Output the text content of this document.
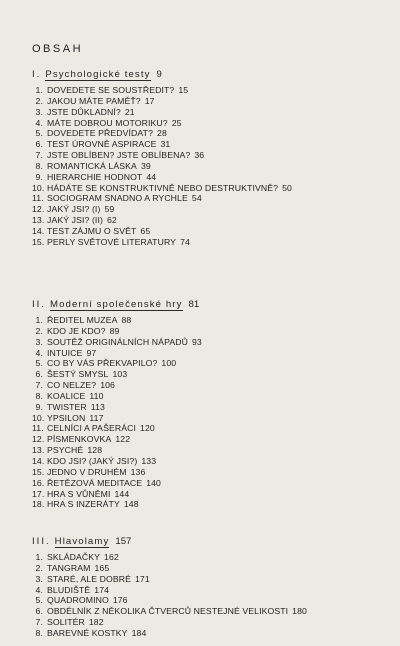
OBSAH
I. Psychologické testy 9
1. DOVEDETE SE SOUSTŘEDIT? 15
2. JAKOU MÁTE PAMĚŤ? 17
3. JSTE DŮKLADNÍ? 21
4. MÁTE DOBROU MOTORIKU? 25
5. DOVEDETE PŘEDVÍDAT? 28
6. TEST ÚROVNĚ ASPIRACE 31
7. JSTE OBLÍBEN? JSTE OBLÍBENA? 36
8. ROMANTICKÁ LÁSKA 39
9. HIERARCHIE HODNOT 44
10. HÁDÁTE SE KONSTRUKTIVNĚ NEBO DESTRUKTIVNĚ? 50
11. SOCIOGRAM SNADNO A RYCHLE 54
12. JAKÝ JSI? (I) 59
13. JAKÝ JSI? (II) 62
14. TEST ZÁJMU O SVĚT 65
15. PERLY SVĚTOVÉ LITERATURY 74
II. Moderní společenské hry 81
1. ŘEDITEL MUZEA 88
2. KDO JE KDO? 89
3. SOUTĚŽ ORIGINÁLNÍCH NÁPADŮ 93
4. INTUICE 97
5. CO BY VÁS PŘEKVAPILO? 100
6. ŠESTÝ SMYSL 103
7. CO NELZE? 106
8. KOALICE 110
9. TWISTER 113
10. YPSILON 117
11. CELNÍCI A PAŠERÁCI 120
12. PÍSMENKOVKA 122
13. PSYCHÉ 128
14. KDO JSI? (JAKÝ JSI?) 133
15. JEDNO V DRUHÉM 136
16. ŘETĚZOVÁ MEDITACE 140
17. HRA S VŮNĚMI 144
18. HRA S INZERÁTY 148
III. Hlavolamy 157
1. SKLÁDAČKY 162
2. TANGRAM 165
3. STARÉ, ALE DOBRÉ 171
4. BLUDIŠTĚ 174
5. QUADROMINO 176
6. OBDÉLNÍK Z NĚKOLIKA ČTVERCŮ NESTEJNÉ VELIKOSTI 180
7. SOLITÉR 182
8. BAREVNÉ KOSTKY 184
